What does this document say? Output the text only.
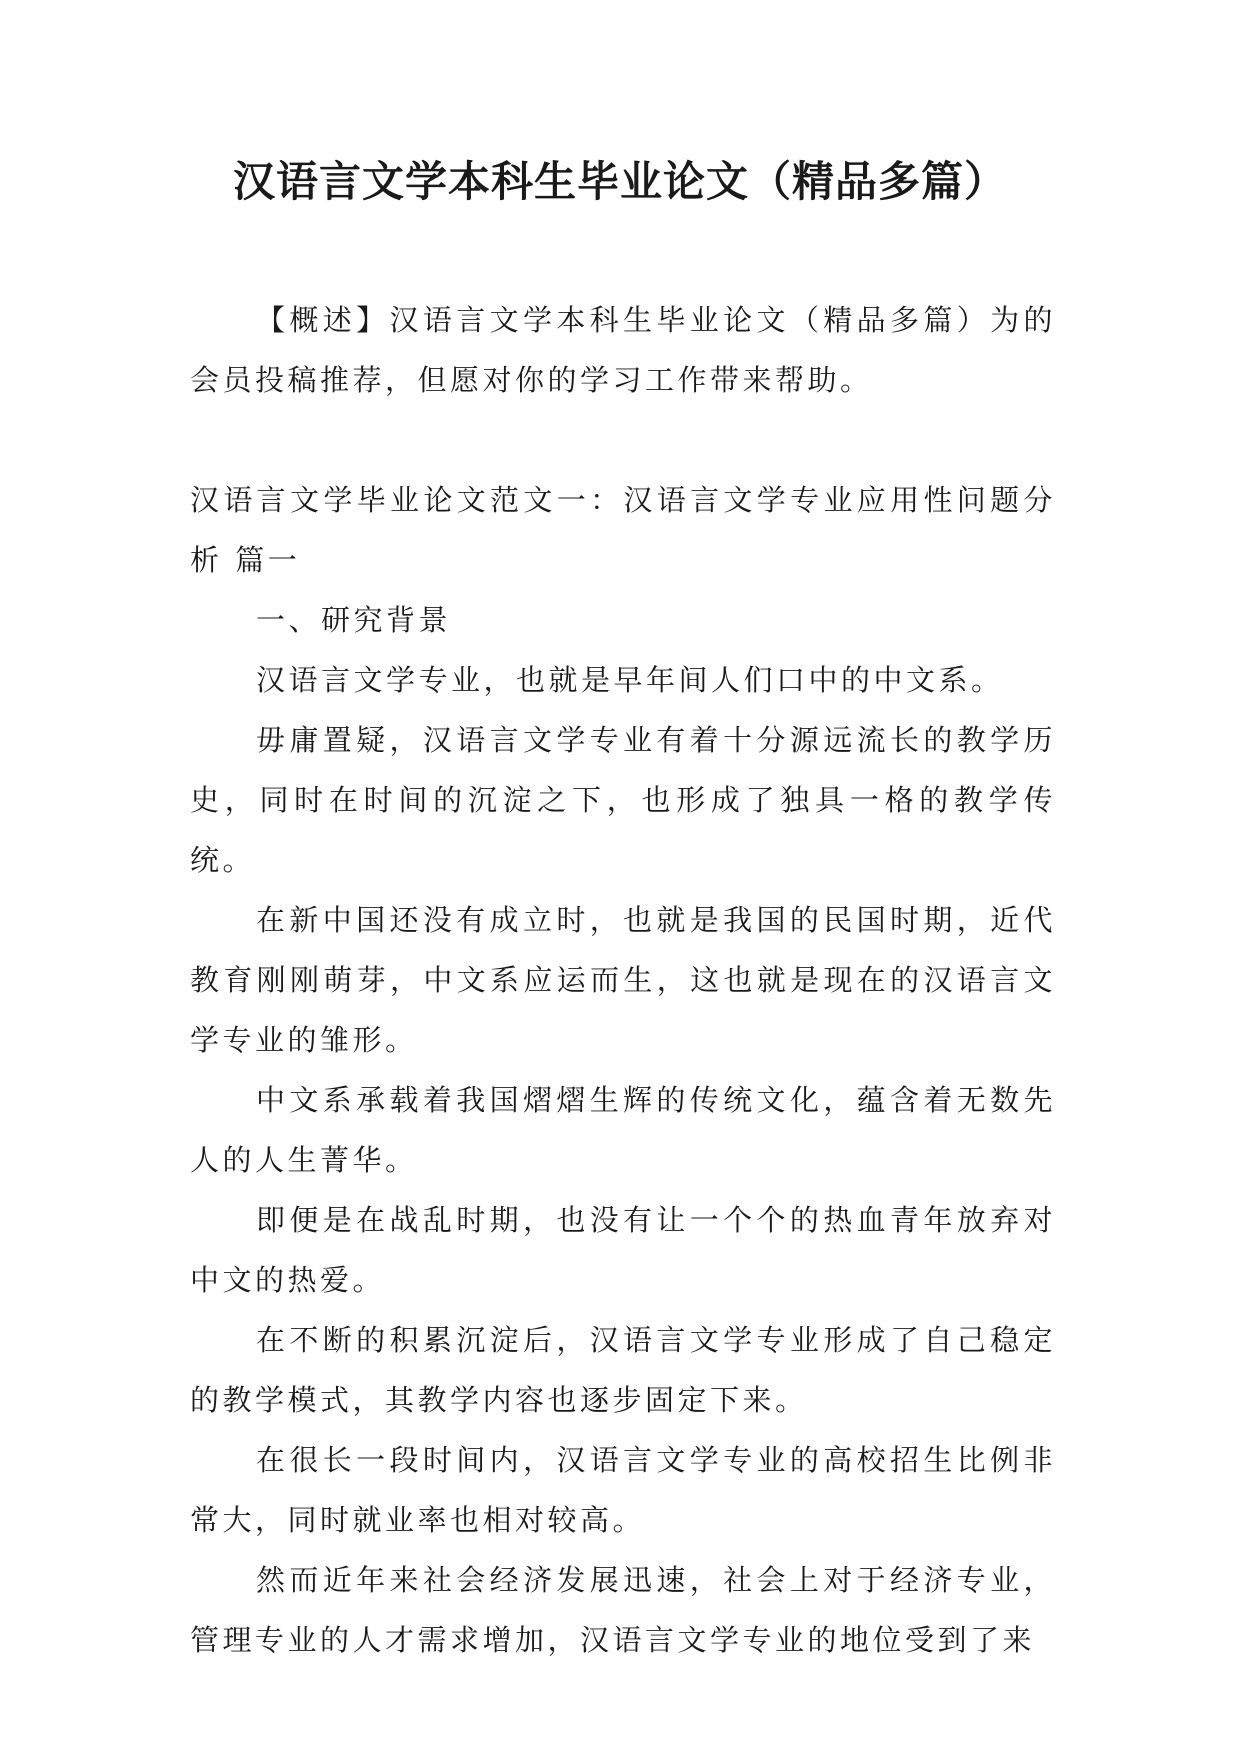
汉语言文学本科生毕业论文（精品多篇）

【概述】汉语言文学本科生毕业论文（精品多篇）为的会员投稿推荐，但愿对你的学习工作带来帮助。

汉语言文学毕业论文范文一：汉语言文学专业应用性问题分析 篇一

一、研究背景

汉语言文学专业，也就是早年间人们口中的中文系。

毋庸置疑，汉语言文学专业有着十分源远流长的教学历史，同时在时间的沉淀之下，也形成了独具一格的教学传统。

在新中国还没有成立时，也就是我国的民国时期，近代教育刚刚萌芽，中文系应运而生，这也就是现在的汉语言文学专业的雏形。

中文系承载着我国熠熠生辉的传统文化，蕴含着无数先人的人生菁华。

即便是在战乱时期，也没有让一个个的热血青年放弃对中文的热爱。

在不断的积累沉淀后，汉语言文学专业形成了自己稳定的教学模式，其教学内容也逐步固定下来。

在很长一段时间内，汉语言文学专业的高校招生比例非常大，同时就业率也相对较高。

然而近年来社会经济发展迅速，社会上对于经济专业，管理专业的人才需求增加，汉语言文学专业的地位受到了来
